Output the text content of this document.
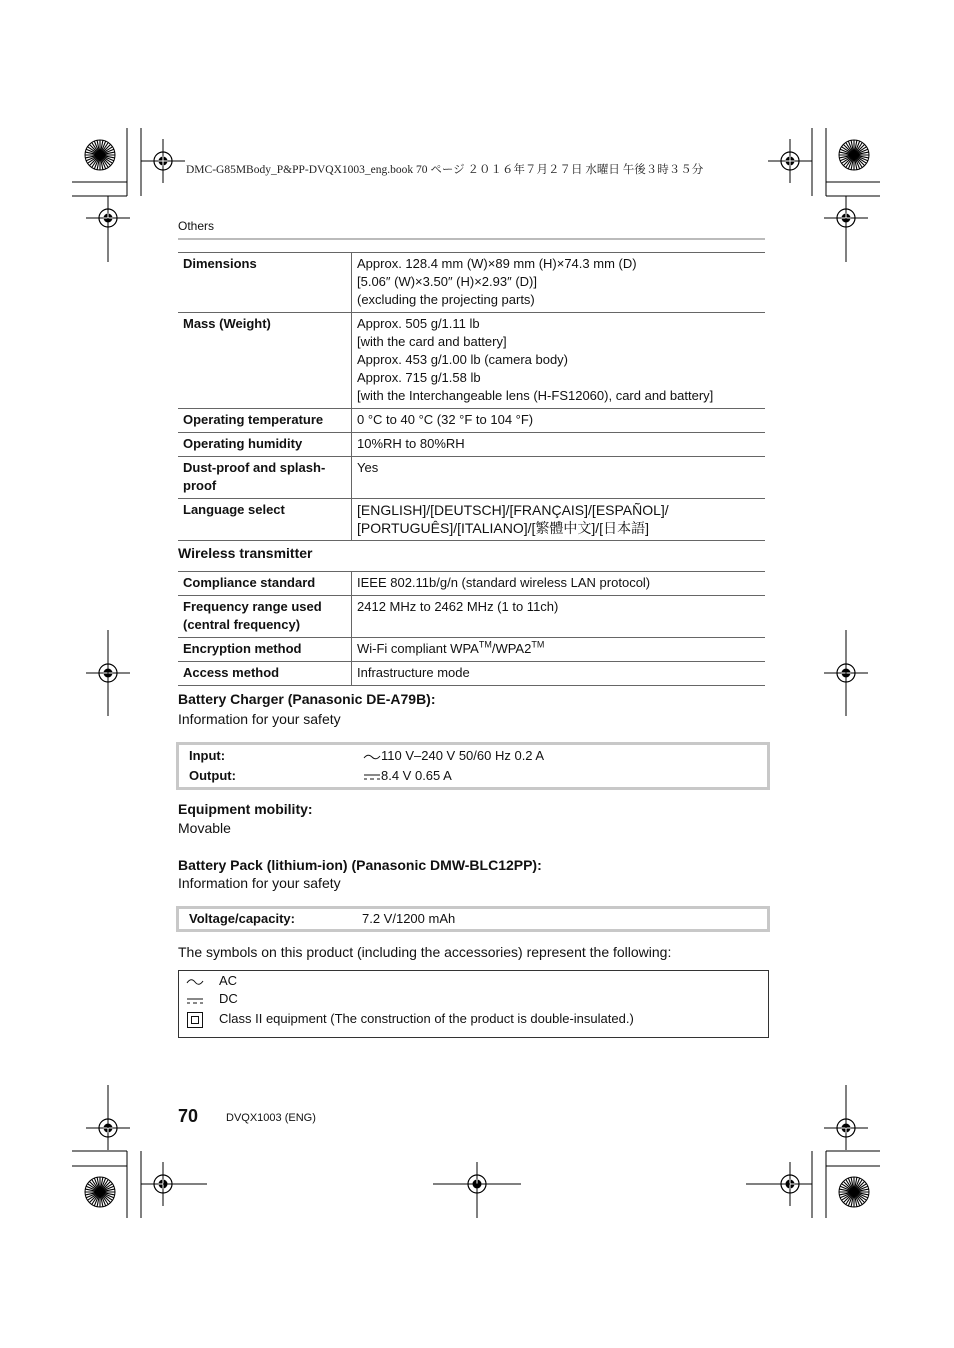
DMC-G85MBody_P&PP-DVQX1003_eng.book 70 ページ ２０１６年７月２７日 水曜日 午後３時３５分
Others
Dimensions	Approx. 128.4 mm (W)×89 mm (H)×74.3 mm (D)
[5.06″ (W)×3.50″ (H)×2.93″ (D)]
(excluding the projecting parts)

Mass (Weight)	Approx. 505 g/1.11 lb
[with the card and battery]
Approx. 453 g/1.00 lb (camera body)
Approx. 715 g/1.58 lb
[with the Interchangeable lens (H-FS12060), card and battery]

Operating temperature	0 °C to 40 °C (32 °F to 104 °F)

Operating humidity	10%RH to 80%RH

Dust-proof and splash-proof	Yes

Language select	[ENGLISH]/[DEUTSCH]/[FRANÇAIS]/[ESPAÑOL]/
[PORTUGUÊS]/[ITALIANO]/[繁體中文]/[日本語]
Wireless transmitter
Compliance standard	IEEE 802.11b/g/n (standard wireless LAN protocol)
Frequency range used (central frequency)	2412 MHz to 2462 MHz (1 to 11ch)
Encryption method	Wi-Fi compliant WPA™/WPA2™
Access method	Infrastructure mode
Battery Charger (Panasonic DE-A79B):
Information for your safety
Input:	110 V–240 V 50/60 Hz 0.2 A
Output:	8.4 V 0.65 A
Equipment mobility:
Movable
Battery Pack (lithium-ion) (Panasonic DMW-BLC12PP):
Information for your safety
Voltage/capacity:	7.2 V/1200 mAh
The symbols on this product (including the accessories) represent the following:
AC
DC
Class II equipment (The construction of the product is double-insulated.)
70	DVQX1003 (ENG)
